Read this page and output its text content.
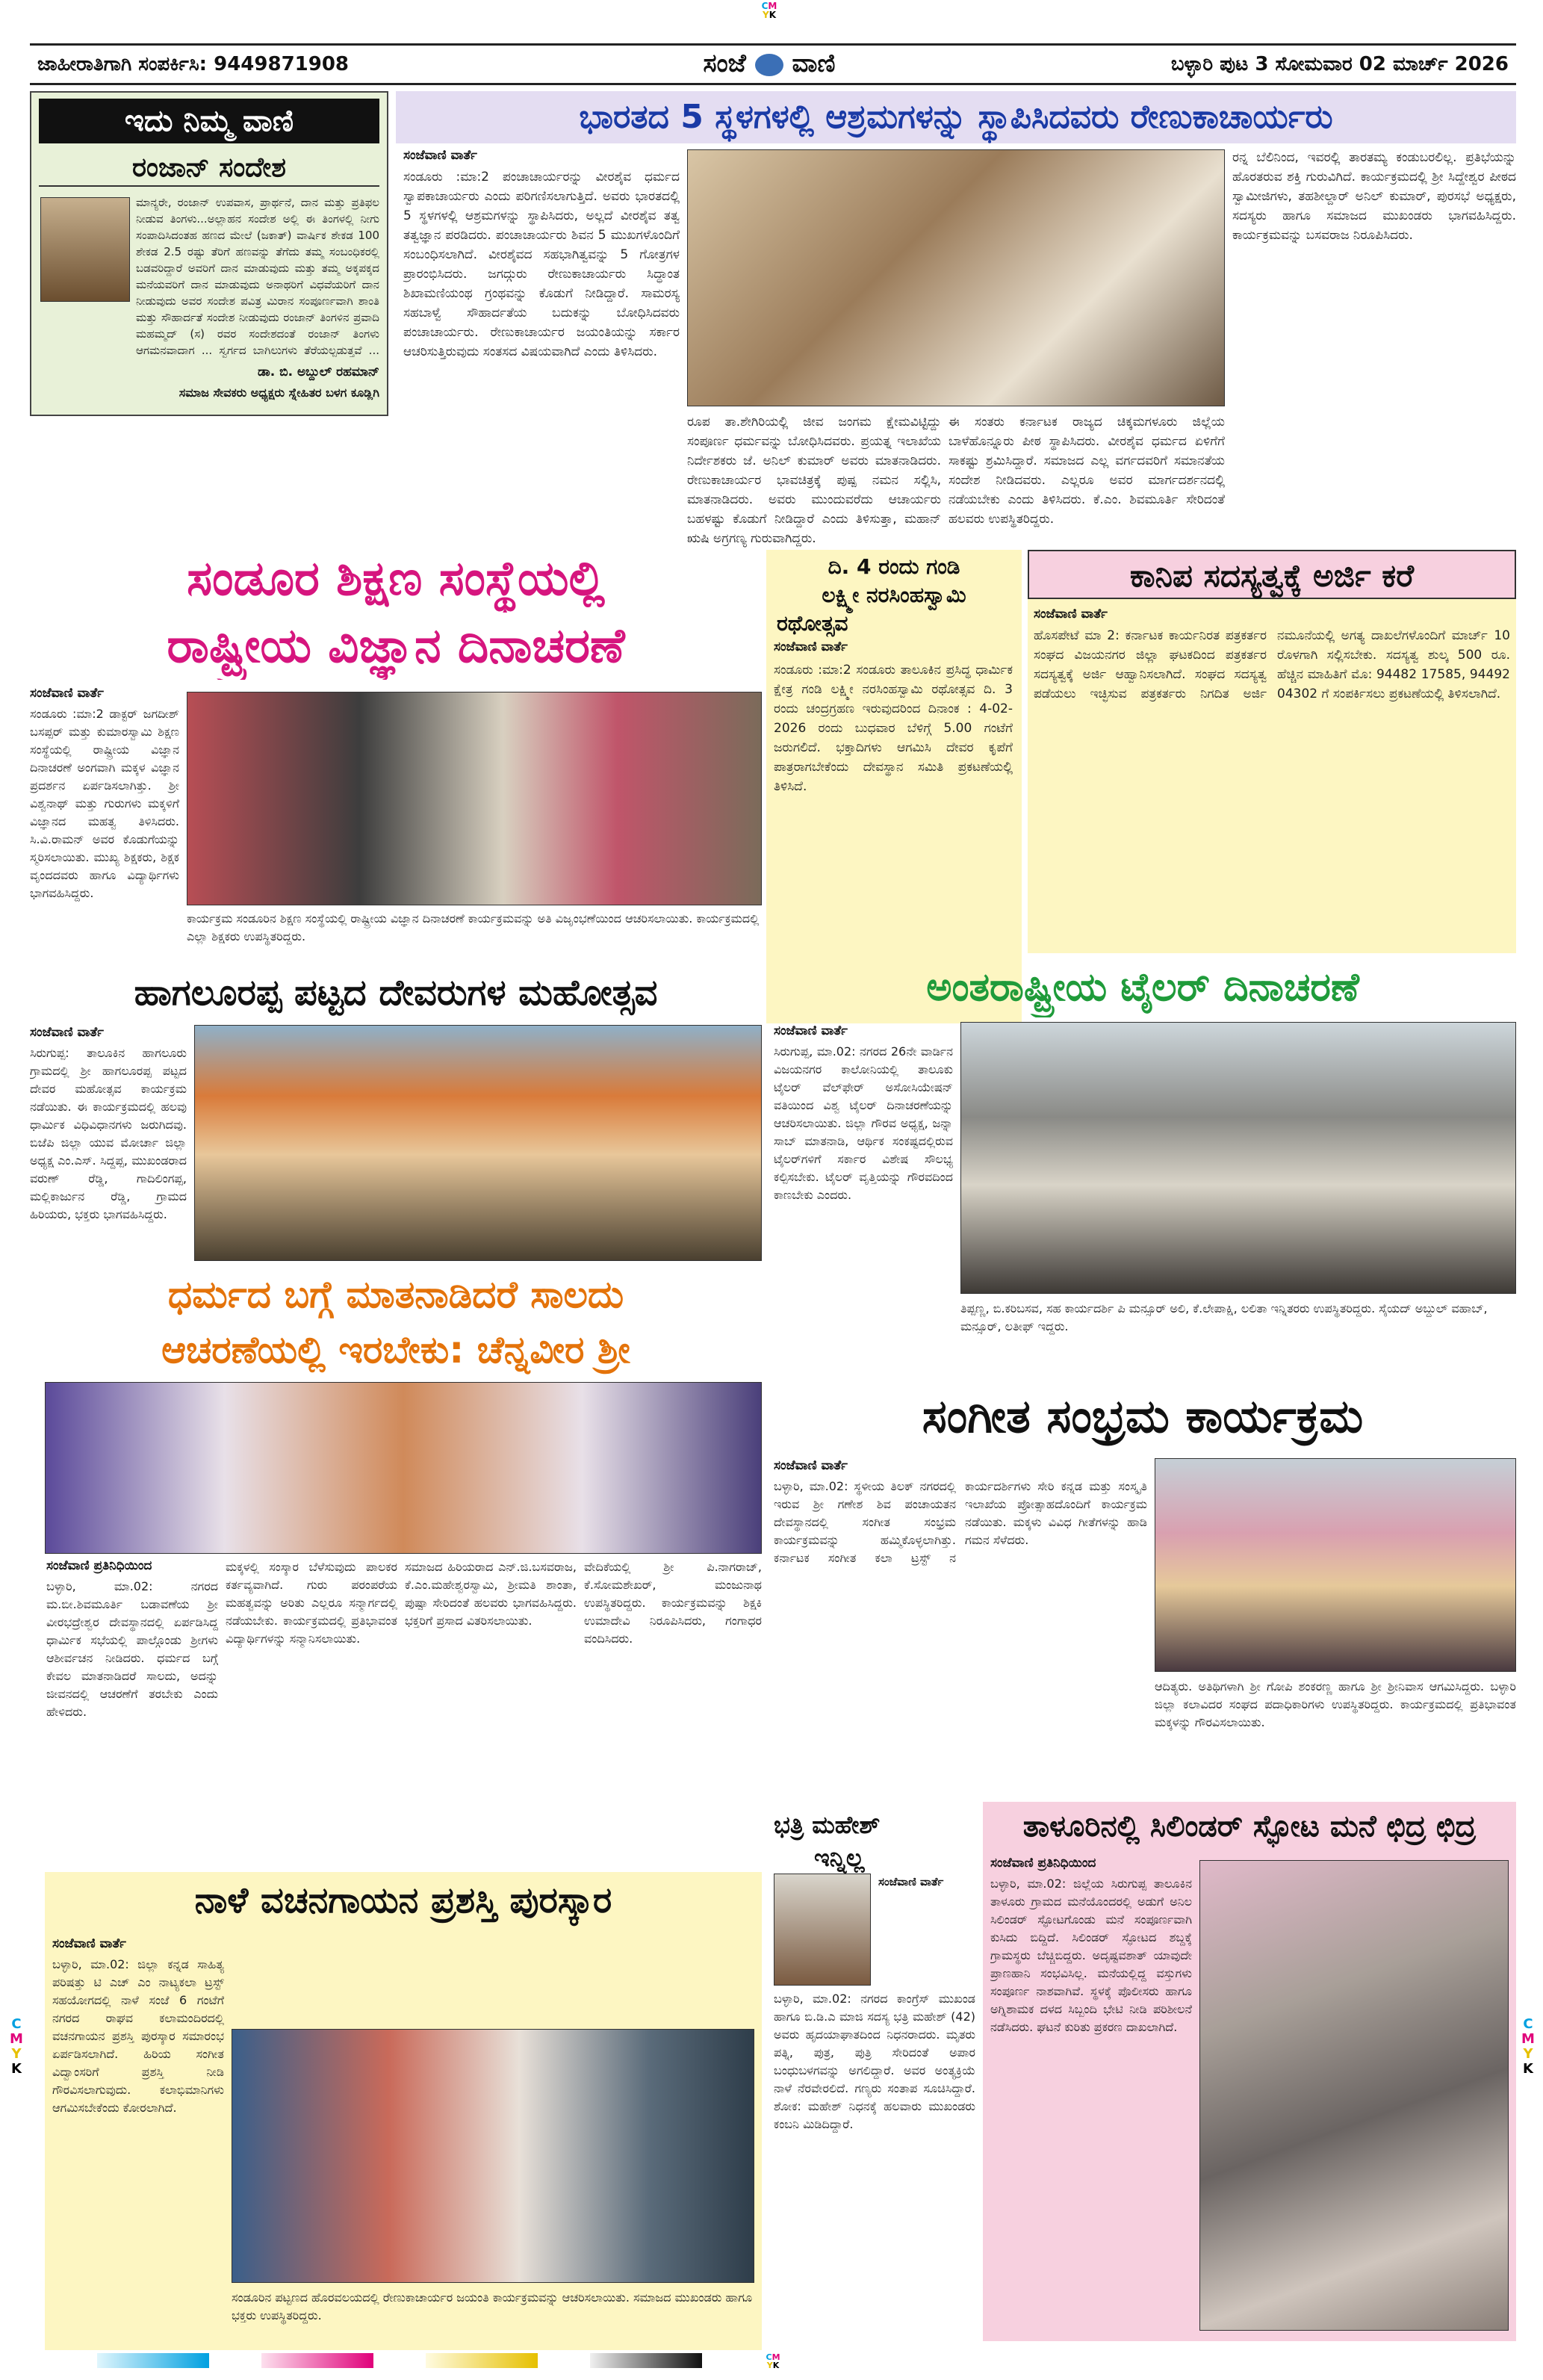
CM
YK
ಜಾಹೀರಾತಿಗಾಗಿ ಸಂಪರ್ಕಿಸಿ: 9449871908	ಸಂಜೆ ವಾಣಿ	ಬಳ್ಳಾರಿ ಪುಟ 3 ಸೋಮವಾರ 02 ಮಾರ್ಚ್ 2026
ಇದು ನಿಮ್ಮ ವಾಣಿ
ರಂಜಾನ್ ಸಂದೇಶ
ಮಾನ್ಯರೇ, ರಂಜಾನ್ ಉಪವಾಸ, ಪ್ರಾರ್ಥನೆ, ದಾನ ಮತ್ತು ಪ್ರತಿಫಲ ನೀಡುವ ತಿಂಗಳು...ಅಲ್ಲಾಹನ ಸಂದೇಶ ಅಲ್ಲಿ ಈ ತಿಂಗಳಲ್ಲಿ ನೀಗು ಸಂಪಾದಿಸಿದಂತಹ ಹಣದ ಮೇಲೆ (ಜಕಾತ್) ವಾರ್ಷಿಕ ಶೇಕಡ 100 ಶೇಕಡ 2.5 ರಷ್ಟು ತೆರಿಗೆ ಹಣವನ್ನು ತೆಗೆದು ತಮ್ಮ ಸಂಬಂಧಿಕರಲ್ಲಿ ಬಡವರಿದ್ದಾರೆ ಅವರಿಗೆ ದಾನ ಮಾಡುವುದು ಮತ್ತು ತಮ್ಮ ಅಕ್ಕಪಕ್ಕದ ಮನೆಯವರಿಗೆ ದಾನ ಮಾಡುವುದು ಅನಾಥರಿಗೆ ವಿಧವೆಯರಿಗೆ ದಾನ ನೀಡುವುದು ಅವರ ಸಂದೇಶ ಪವಿತ್ರ ಮಿರಾನ ಸಂಪೂರ್ಣವಾಗಿ ಶಾಂತಿ ಮತ್ತು ಸೌಹಾರ್ದತೆ ಸಂದೇಶ ನೀಡುವುದು ರಂಜಾನ್ ತಿಂಗಳಿನ ಪ್ರವಾದಿ ಮಹಮ್ಮದ್ (ಸ) ರವರ ಸಂದೇಶದಂತೆ ರಂಜಾನ್ ತಿಂಗಳು ಆಗಮನವಾದಾಗ ... ಸ್ವರ್ಗದ ಬಾಗಿಲುಗಳು ತೆರೆಯಲ್ಪಡುತ್ತವೆ ...
ಡಾ. ಬಿ. ಅಬ್ದುಲ್ ರಹಮಾನ್
ಸಮಾಜ ಸೇವಕರು ಅಧ್ಯಕ್ಷರು ಸ್ನೇಹಿತರ ಬಳಗ ಕೂಡ್ಲಿಗಿ
ಭಾರತದ 5 ಸ್ಥಳಗಳಲ್ಲಿ ಆಶ್ರಮಗಳನ್ನು ಸ್ಥಾಪಿಸಿದವರು ರೇಣುಕಾಚಾರ್ಯರು
ಸಂಜೆವಾಣಿ ವಾರ್ತೆ
ಸಂಡೂರು :ಮಾ:2 ಪಂಚಾಚಾರ್ಯರನ್ನು ವೀರಶೈವ ಧರ್ಮದ ಸ್ವಾಪಕಾಚಾರ್ಯರು ಎಂದು ಪರಿಗಣಿಸಲಾಗುತ್ತಿದೆ. ಅವರು ಭಾರತದಲ್ಲಿ 5 ಸ್ಥಳಗಳಲ್ಲಿ ಆಶ್ರಮಗಳನ್ನು ಸ್ಥಾಪಿಸಿದರು, ಅಲ್ಲದೆ ವೀರಶೈವ ತತ್ವ ತತ್ವಜ್ಞಾನ ಪರಡಿದರು. ಪಂಚಾಚಾರ್ಯರು ಶಿವನ 5 ಮುಖಗಳೊಂದಿಗೆ ಸಂಬಂಧಿಸಲಾಗಿದೆ. ವೀರಶೈವದ ಸಹಭಾಗಿತ್ವವನ್ನು 5 ಗೋತ್ರಗಳ ಪ್ರಾರಂಭಿಸಿದರು. ಜಗದ್ಗುರು ರೇಣುಕಾಚಾರ್ಯರು ಸಿದ್ಧಾಂತ ಶಿಖಾಮಣಿಯಂಥ ಗ್ರಂಥವನ್ನು ಕೊಡುಗೆ ನೀಡಿದ್ದಾರೆ. ಸಾಮರಸ್ಯ ಸಹಬಾಳ್ವೆ ಸೌಹಾರ್ದತೆಯ ಬದುಕನ್ನು ಬೋಧಿಸಿದವರು ಪಂಚಾಚಾರ್ಯರು. ರೇಣುಕಾಚಾರ್ಯರ ಜಯಂತಿಯನ್ನು ಸರ್ಕಾರ ಆಚರಿಸುತ್ತಿರುವುದು ಸಂತಸದ ವಿಷಯವಾಗಿದೆ ಎಂದು ತಿಳಿಸಿದರು.
ರನ್ನ ಬೆಲಿನಿಂದ, ಇವರಲ್ಲಿ ತಾರತಮ್ಯ ಕಂಡುಬರಲಿಲ್ಲ. ಪ್ರತಿಭೆಯನ್ನು ಹೊರತರುವ ಶಕ್ತಿ ಗುರುವಿಗಿದೆ. ಕಾರ್ಯಕ್ರಮದಲ್ಲಿ ಶ್ರೀ ಸಿದ್ದೇಶ್ವರ ಪೀಠದ ಸ್ವಾಮೀಜಿಗಳು, ತಹಶೀಲ್ದಾರ್ ಅನಿಲ್ ಕುಮಾರ್, ಪುರಸಭೆ ಅಧ್ಯಕ್ಷರು, ಸದಸ್ಯರು ಹಾಗೂ ಸಮಾಜದ ಮುಖಂಡರು ಭಾಗವಹಿಸಿದ್ದರು. ಕಾರ್ಯಕ್ರಮವನ್ನು ಬಸವರಾಜ ನಿರೂಪಿಸಿದರು.
ರೂಪ ತಾ.ಶೇಗಿರಿಯಲ್ಲಿ ಜೀವ ಜಂಗಮ ಕ್ಷೇಮವಿಟ್ಟಿದ್ದು ಸಂಪೂರ್ಣ ಧರ್ಮವನ್ನು ಬೋಧಿಸಿದವರು. ಪ್ರಯತ್ನ ಇಲಾಖೆಯ ನಿರ್ದೇಶಕರು ಜೆ. ಅನಿಲ್ ಕುಮಾರ್ ಅವರು ಮಾತನಾಡಿದರು. ರೇಣುಕಾಚಾರ್ಯರ ಭಾವಚಿತ್ರಕ್ಕೆ ಪುಷ್ಪ ನಮನ ಸಲ್ಲಿಸಿ, ಮಾತನಾಡಿದರು. ಅವರು ಮುಂದುವರೆದು ಆಚಾರ್ಯರು ಬಹಳಷ್ಟು ಕೊಡುಗೆ ನೀಡಿದ್ದಾರೆ ಎಂದು ತಿಳಿಸುತ್ತಾ, ಮಹಾನ್ ಋಷಿ ಅಗ್ರಗಣ್ಯ ಗುರುವಾಗಿದ್ದರು.
ಈ ಸಂತರು ಕರ್ನಾಟಕ ರಾಜ್ಯದ ಚಿಕ್ಕಮಗಳೂರು ಜಿಲ್ಲೆಯ ಬಾಳೆಹೊನ್ನೂರು ಪೀಠ ಸ್ಥಾಪಿಸಿದರು. ವೀರಶೈವ ಧರ್ಮದ ಏಳಿಗೆಗೆ ಸಾಕಷ್ಟು ಶ್ರಮಿಸಿದ್ದಾರೆ. ಸಮಾಜದ ಎಲ್ಲ ವರ್ಗದವರಿಗೆ ಸಮಾನತೆಯ ಸಂದೇಶ ನೀಡಿದವರು. ಎಲ್ಲರೂ ಅವರ ಮಾರ್ಗದರ್ಶನದಲ್ಲಿ ನಡೆಯಬೇಕು ಎಂದು ತಿಳಿಸಿದರು. ಕೆ.ಎಂ. ಶಿವಮೂರ್ತಿ ಸೇರಿದಂತೆ ಹಲವರು ಉಪಸ್ಥಿತರಿದ್ದರು.
ಸಂಡೂರ ಶಿಕ್ಷಣ ಸಂಸ್ಥೆಯಲ್ಲಿ
ರಾಷ್ಟ್ರೀಯ ವಿಜ್ಞಾನ ದಿನಾಚರಣೆ
ಸಂಜೆವಾಣಿ ವಾರ್ತೆ
ಸಂಡೂರು :ಮಾ:2 ಡಾಕ್ಟರ್ ಜಗದೀಶ್ ಬಸಪ್ಪರ್ ಮತ್ತು ಕುಮಾರಸ್ವಾಮಿ ಶಿಕ್ಷಣ ಸಂಸ್ಥೆಯಲ್ಲಿ ರಾಷ್ಟ್ರೀಯ ವಿಜ್ಞಾನ ದಿನಾಚರಣೆ ಅಂಗವಾಗಿ ಮಕ್ಕಳ ವಿಜ್ಞಾನ ಪ್ರದರ್ಶನ ಏರ್ಪಡಿಸಲಾಗಿತ್ತು. ಶ್ರೀ ವಿಶ್ವನಾಥ್ ಮತ್ತು ಗುರುಗಳು ಮಕ್ಕಳಿಗೆ ವಿಜ್ಞಾನದ ಮಹತ್ವ ತಿಳಿಸಿದರು. ಸಿ.ವಿ.ರಾಮನ್ ಅವರ ಕೊಡುಗೆಯನ್ನು ಸ್ಮರಿಸಲಾಯಿತು. ಮುಖ್ಯ ಶಿಕ್ಷಕರು, ಶಿಕ್ಷಕ ವೃಂದದವರು ಹಾಗೂ ವಿದ್ಯಾರ್ಥಿಗಳು ಭಾಗವಹಿಸಿದ್ದರು.
ಕಾರ್ಯಕ್ರಮ ಸಂಡೂರಿನ ಶಿಕ್ಷಣ ಸಂಸ್ಥೆಯಲ್ಲಿ ರಾಷ್ಟ್ರೀಯ ವಿಜ್ಞಾನ ದಿನಾಚರಣೆ ಕಾರ್ಯಕ್ರಮವನ್ನು ಅತಿ ವಿಜೃಂಭಣೆಯಿಂದ ಆಚರಿಸಲಾಯಿತು. ಕಾರ್ಯಕ್ರಮದಲ್ಲಿ ಎಲ್ಲಾ ಶಿಕ್ಷಕರು ಉಪಸ್ಥಿತರಿದ್ದರು.
ದಿ. 4 ರಂದು ಗಂಡಿ
ಲಕ್ಷ್ಮೀ ನರಸಿಂಹಸ್ವಾಮಿ
ರಥೋತ್ಸವ
ಸಂಜೆವಾಣಿ ವಾರ್ತೆ
ಸಂಡೂರು :ಮಾ:2 ಸಂಡೂರು ತಾಲೂಕಿನ ಪ್ರಸಿದ್ಧ ಧಾರ್ಮಿಕ ಕ್ಷೇತ್ರ ಗಂಡಿ ಲಕ್ಷ್ಮೀ ನರಸಿಂಹಸ್ವಾಮಿ ರಥೋತ್ಸವ ದಿ. 3 ರಂದು ಚಂದ್ರಗ್ರಹಣ ಇರುವುದರಿಂದ ದಿನಾಂಕ : 4-02-2026 ರಂದು ಬುಧವಾರ ಬೆಳಿಗ್ಗೆ 5.00 ಗಂಟೆಗೆ ಜರುಗಲಿದೆ. ಭಕ್ತಾದಿಗಳು ಆಗಮಿಸಿ ದೇವರ ಕೃಪೆಗೆ ಪಾತ್ರರಾಗಬೇಕೆಂದು ದೇವಸ್ಥಾನ ಸಮಿತಿ ಪ್ರಕಟಣೆಯಲ್ಲಿ ತಿಳಿಸಿದೆ.
ಕಾನಿಪ ಸದಸ್ಯತ್ವಕ್ಕೆ ಅರ್ಜಿ ಕರೆ
ಸಂಜೆವಾಣಿ ವಾರ್ತೆ
ಹೊಸಪೇಟೆ ಮಾ 2: ಕರ್ನಾಟಕ ಕಾರ್ಯನಿರತ ಪತ್ರಕರ್ತರ ಸಂಘದ ವಿಜಯನಗರ ಜಿಲ್ಲಾ ಘಟಕದಿಂದ ಪತ್ರಕರ್ತರ ಸದಸ್ಯತ್ವಕ್ಕೆ ಅರ್ಜಿ ಆಹ್ವಾನಿಸಲಾಗಿದೆ. ಸಂಘದ ಸದಸ್ಯತ್ವ ಪಡೆಯಲು ಇಚ್ಛಿಸುವ ಪತ್ರಕರ್ತರು ನಿಗದಿತ ಅರ್ಜಿ ನಮೂನೆಯಲ್ಲಿ ಅಗತ್ಯ ದಾಖಲೆಗಳೊಂದಿಗೆ ಮಾರ್ಚ್ 10 ರೊಳಗಾಗಿ ಸಲ್ಲಿಸಬೇಕು. ಸದಸ್ಯತ್ವ ಶುಲ್ಕ 500 ರೂ. ಹೆಚ್ಚಿನ ಮಾಹಿತಿಗೆ ಮೊ: 94482 17585, 94492 04302 ಗೆ ಸಂಪರ್ಕಿಸಲು ಪ್ರಕಟಣೆಯಲ್ಲಿ ತಿಳಿಸಲಾಗಿದೆ.
ಹಾಗಲೂರಪ್ಪ ಪಟ್ಟದ ದೇವರುಗಳ ಮಹೋತ್ಸವ
ಸಂಜೆವಾಣಿ ವಾರ್ತೆ
ಸಿರುಗುಪ್ಪ: ತಾಲೂಕಿನ ಹಾಗಲೂರು ಗ್ರಾಮದಲ್ಲಿ ಶ್ರೀ ಹಾಗಲೂರಪ್ಪ ಪಟ್ಟದ ದೇವರ ಮಹೋತ್ಸವ ಕಾರ್ಯಕ್ರಮ ನಡೆಯಿತು. ಈ ಕಾರ್ಯಕ್ರಮದಲ್ಲಿ ಹಲವು ಧಾರ್ಮಿಕ ವಿಧಿವಿಧಾನಗಳು ಜರುಗಿದವು. ಬಿಜೆಪಿ ಜಿಲ್ಲಾ ಯುವ ಮೋರ್ಚಾ ಜಿಲ್ಲಾ ಅಧ್ಯಕ್ಷ ಎಂ.ಎಸ್. ಸಿದ್ದಪ್ಪ, ಮುಖಂಡರಾದ ವರುಣ್ ರೆಡ್ಡಿ, ಗಾದಿಲಿಂಗಪ್ಪ, ಮಲ್ಲಿಕಾರ್ಜುನ ರೆಡ್ಡಿ, ಗ್ರಾಮದ ಹಿರಿಯರು, ಭಕ್ತರು ಭಾಗವಹಿಸಿದ್ದರು.
ಅಂತರಾಷ್ಟ್ರೀಯ ಟೈಲರ್ ದಿನಾಚರಣೆ
ಸಂಜೆವಾಣಿ ವಾರ್ತೆ
ಸಿರುಗುಪ್ಪ, ಮಾ.02: ನಗರದ 26ನೇ ವಾರ್ಡಿನ ವಿಜಯನಗರ ಕಾಲೋನಿಯಲ್ಲಿ ತಾಲೂಕು ಟೈಲರ್ ವೆಲ್‌ಫೇರ್ ಅಸೋಸಿಯೇಷನ್ ವತಿಯಿಂದ ವಿಶ್ವ ಟೈಲರ್ ದಿನಾಚರಣೆಯನ್ನು ಆಚರಿಸಲಾಯಿತು. ಜಿಲ್ಲಾ ಗೌರವ ಅಧ್ಯಕ್ಷ, ಜನ್ನಾ ಸಾಬ್ ಮಾತನಾಡಿ, ಆರ್ಥಿಕ ಸಂಕಷ್ಟದಲ್ಲಿರುವ ಟೈಲರ್‌ಗಳಿಗೆ ಸರ್ಕಾರ ವಿಶೇಷ ಸೌಲಭ್ಯ ಕಲ್ಪಿಸಬೇಕು. ಟೈಲರ್ ವೃತ್ತಿಯನ್ನು ಗೌರವದಿಂದ ಕಾಣಬೇಕು ಎಂದರು.
ತಿಪ್ಪಣ್ಣ, ಬಿ.ಕರಿಬಸವ, ಸಹ ಕಾರ್ಯದರ್ಶಿ ಪಿ ಮನ್ಸೂರ್ ಅಲಿ, ಕೆ.ಲೇಪಾಕ್ಷಿ, ಲಲಿತಾ ಇನ್ನಿತರರು ಉಪಸ್ಥಿತರಿದ್ದರು. ಸೈಯದ್ ಅಬ್ದುಲ್ ವಹಾಬ್, ಮನ್ಸೂರ್, ಲತೀಫ್ ಇದ್ದರು.
ಧರ್ಮದ ಬಗ್ಗೆ ಮಾತನಾಡಿದರೆ ಸಾಲದು
ಆಚರಣೆಯಲ್ಲಿ ಇರಬೇಕು: ಚೆನ್ನವೀರ ಶ್ರೀ
ಸಂಜೆವಾಣಿ ಪ್ರತಿನಿಧಿಯಿಂದ
ಬಳ್ಳಾರಿ, ಮಾ.02: ನಗರದ ಮ.ಬೀ.ಶಿವಮೂರ್ತಿ ಬಡಾವಣೆಯ ಶ್ರೀ ವೀರಭದ್ರೇಶ್ವರ ದೇವಸ್ಥಾನದಲ್ಲಿ ಏರ್ಪಡಿಸಿದ್ದ ಧಾರ್ಮಿಕ ಸಭೆಯಲ್ಲಿ ಪಾಲ್ಗೊಂಡು ಶ್ರೀಗಳು ಆಶೀರ್ವಚನ ನೀಡಿದರು. ಧರ್ಮದ ಬಗ್ಗೆ ಕೇವಲ ಮಾತನಾಡಿದರೆ ಸಾಲದು, ಅದನ್ನು ಜೀವನದಲ್ಲಿ ಆಚರಣೆಗೆ ತರಬೇಕು ಎಂದು ಹೇಳಿದರು.
ಮಕ್ಕಳಲ್ಲಿ ಸಂಸ್ಕಾರ ಬೆಳೆಸುವುದು ಪಾಲಕರ ಕರ್ತವ್ಯವಾಗಿದೆ. ಗುರು ಪರಂಪರೆಯ ಮಹತ್ವವನ್ನು ಅರಿತು ಎಲ್ಲರೂ ಸನ್ಮಾರ್ಗದಲ್ಲಿ ನಡೆಯಬೇಕು. ಕಾರ್ಯಕ್ರಮದಲ್ಲಿ ಪ್ರತಿಭಾವಂತ ವಿದ್ಯಾರ್ಥಿಗಳನ್ನು ಸನ್ಮಾನಿಸಲಾಯಿತು.
ಸಮಾಜದ ಹಿರಿಯರಾದ ಎನ್.ಜಿ.ಬಸವರಾಜ, ಕೆ.ಎಂ.ಮಹೇಶ್ವರಸ್ವಾಮಿ, ಶ್ರೀಮತಿ ಶಾಂತಾ, ಪುಷ್ಪಾ ಸೇರಿದಂತೆ ಹಲವರು ಭಾಗವಹಿಸಿದ್ದರು. ಭಕ್ತರಿಗೆ ಪ್ರಸಾದ ವಿತರಿಸಲಾಯಿತು.
ವೇದಿಕೆಯಲ್ಲಿ ಶ್ರೀ ಪಿ.ನಾಗರಾಜ್, ಕೆ.ಸೋಮಶೇಖರ್, ಮಂಜುನಾಥ ಉಪಸ್ಥಿತರಿದ್ದರು. ಕಾರ್ಯಕ್ರಮವನ್ನು ಶಿಕ್ಷಕಿ ಉಮಾದೇವಿ ನಿರೂಪಿಸಿದರು, ಗಂಗಾಧರ ವಂದಿಸಿದರು.
ಸಂಗೀತ ಸಂಭ್ರಮ ಕಾರ್ಯಕ್ರಮ
ಸಂಜೆವಾಣಿ ವಾರ್ತೆ
ಬಳ್ಳಾರಿ, ಮಾ.02: ಸ್ಥಳೀಯ ತಿಲಕ್ ನಗರದಲ್ಲಿ ಇರುವ ಶ್ರೀ ಗಣೇಶ ಶಿವ ಪಂಚಾಯತನ ದೇವಸ್ಥಾನದಲ್ಲಿ ಸಂಗೀತ ಸಂಭ್ರಮ ಕಾರ್ಯಕ್ರಮವನ್ನು ಹಮ್ಮಿಕೊಳ್ಳಲಾಗಿತ್ತು. ಕರ್ನಾಟಕ ಸಂಗೀತ ಕಲಾ ಟ್ರಸ್ಟ್ ನ ಕಾರ್ಯದರ್ಶಿಗಳು ಸೇರಿ ಕನ್ನಡ ಮತ್ತು ಸಂಸ್ಕೃತಿ ಇಲಾಖೆಯ ಪ್ರೋತ್ಸಾಹದೊಂದಿಗೆ ಕಾರ್ಯಕ್ರಮ ನಡೆಯಿತು. ಮಕ್ಕಳು ವಿವಿಧ ಗೀತೆಗಳನ್ನು ಹಾಡಿ ಗಮನ ಸೆಳೆದರು.
ಆದಿತ್ಯರು. ಅತಿಥಿಗಳಾಗಿ ಶ್ರೀ ಗೋಪಿ ಶಂಕರಣ್ಣ ಹಾಗೂ ಶ್ರೀ ಶ್ರೀನಿವಾಸ ಆಗಮಿಸಿದ್ದರು. ಬಳ್ಳಾರಿ ಜಿಲ್ಲಾ ಕಲಾವಿದರ ಸಂಘದ ಪದಾಧಿಕಾರಿಗಳು ಉಪಸ್ಥಿತರಿದ್ದರು. ಕಾರ್ಯಕ್ರಮದಲ್ಲಿ ಪ್ರತಿಭಾವಂತ ಮಕ್ಕಳನ್ನು ಗೌರವಿಸಲಾಯಿತು.
ಭತ್ರಿ ಮಹೇಶ್
ಇನ್ನಿಲ್ಲ
ಸಂಜೆವಾಣಿ ವಾರ್ತೆ
ಬಳ್ಳಾರಿ, ಮಾ.02: ನಗರದ ಕಾಂಗ್ರೆಸ್ ಮುಖಂಡ ಹಾಗೂ ಬಿ.ಡಿ.ಎ ಮಾಜಿ ಸದಸ್ಯ ಭತ್ರಿ ಮಹೇಶ್ (42) ಅವರು ಹೃದಯಾಘಾತದಿಂದ ನಿಧನರಾದರು. ಮೃತರು ಪತ್ನಿ, ಪುತ್ರ, ಪುತ್ರಿ ಸೇರಿದಂತೆ ಅಪಾರ ಬಂಧುಬಳಗವನ್ನು ಅಗಲಿದ್ದಾರೆ. ಅವರ ಅಂತ್ಯಕ್ರಿಯೆ ನಾಳೆ ನೆರವೇರಲಿದೆ. ಗಣ್ಯರು ಸಂತಾಪ ಸೂಚಿಸಿದ್ದಾರೆ. ಶೋಕ: ಮಹೇಶ್ ನಿಧನಕ್ಕೆ ಹಲವಾರು ಮುಖಂಡರು ಕಂಬನಿ ಮಿಡಿದಿದ್ದಾರೆ.
ತಾಳೂರಿನಲ್ಲಿ ಸಿಲಿಂಡರ್ ಸ್ಫೋಟ ಮನೆ ಛಿದ್ರ ಛಿದ್ರ
ಸಂಜೆವಾಣಿ ಪ್ರತಿನಿಧಿಯಿಂದ
ಬಳ್ಳಾರಿ, ಮಾ.02: ಜಿಲ್ಲೆಯ ಸಿರುಗುಪ್ಪ ತಾಲೂಕಿನ ತಾಳೂರು ಗ್ರಾಮದ ಮನೆಯೊಂದರಲ್ಲಿ ಅಡುಗೆ ಅನಿಲ ಸಿಲಿಂಡರ್ ಸ್ಫೋಟಗೊಂಡು ಮನೆ ಸಂಪೂರ್ಣವಾಗಿ ಕುಸಿದು ಬಿದ್ದಿದೆ. ಸಿಲಿಂಡರ್ ಸ್ಫೋಟದ ಶಬ್ದಕ್ಕೆ ಗ್ರಾಮಸ್ಥರು ಬೆಚ್ಚಿಬಿದ್ದರು. ಅದೃಷ್ಟವಶಾತ್ ಯಾವುದೇ ಪ್ರಾಣಹಾನಿ ಸಂಭವಿಸಿಲ್ಲ. ಮನೆಯಲ್ಲಿದ್ದ ವಸ್ತುಗಳು ಸಂಪೂರ್ಣ ನಾಶವಾಗಿವೆ. ಸ್ಥಳಕ್ಕೆ ಪೊಲೀಸರು ಹಾಗೂ ಅಗ್ನಿಶಾಮಕ ದಳದ ಸಿಬ್ಬಂದಿ ಭೇಟಿ ನೀಡಿ ಪರಿಶೀಲನೆ ನಡೆಸಿದರು. ಘಟನೆ ಕುರಿತು ಪ್ರಕರಣ ದಾಖಲಾಗಿದೆ.
ನಾಳೆ ವಚನಗಾಯನ ಪ್ರಶಸ್ತಿ ಪುರಸ್ಕಾರ
ಸಂಜೆವಾಣಿ ವಾರ್ತೆ
ಬಳ್ಳಾರಿ, ಮಾ.02: ಜಿಲ್ಲಾ ಕನ್ನಡ ಸಾಹಿತ್ಯ ಪರಿಷತ್ತು ಟಿ ಎಚ್ ಎಂ ನಾಟ್ಯಕಲಾ ಟ್ರಸ್ಟ್ ಸಹಯೋಗದಲ್ಲಿ ನಾಳೆ ಸಂಜೆ 6 ಗಂಟೆಗೆ ನಗರದ ರಾಘವ ಕಲಾಮಂದಿರದಲ್ಲಿ ವಚನಗಾಯನ ಪ್ರಶಸ್ತಿ ಪುರಸ್ಕಾರ ಸಮಾರಂಭ ಏರ್ಪಡಿಸಲಾಗಿದೆ. ಹಿರಿಯ ಸಂಗೀತ ವಿದ್ವಾಂಸರಿಗೆ ಪ್ರಶಸ್ತಿ ನೀಡಿ ಗೌರವಿಸಲಾಗುವುದು. ಕಲಾಭಿಮಾನಿಗಳು ಆಗಮಿಸಬೇಕೆಂದು ಕೋರಲಾಗಿದೆ.
ಸಂಡೂರಿನ ಪಟ್ಟಣದ ಹೊರವಲಯದಲ್ಲಿ ರೇಣುಕಾಚಾರ್ಯರ ಜಯಂತಿ ಕಾರ್ಯಕ್ರಮವನ್ನು ಆಚರಿಸಲಾಯಿತು. ಸಮಾಜದ ಮುಖಂಡರು ಹಾಗೂ ಭಕ್ತರು ಉಪಸ್ಥಿತರಿದ್ದರು.
CM
YK
C
M
Y
K
C
M
Y
K
